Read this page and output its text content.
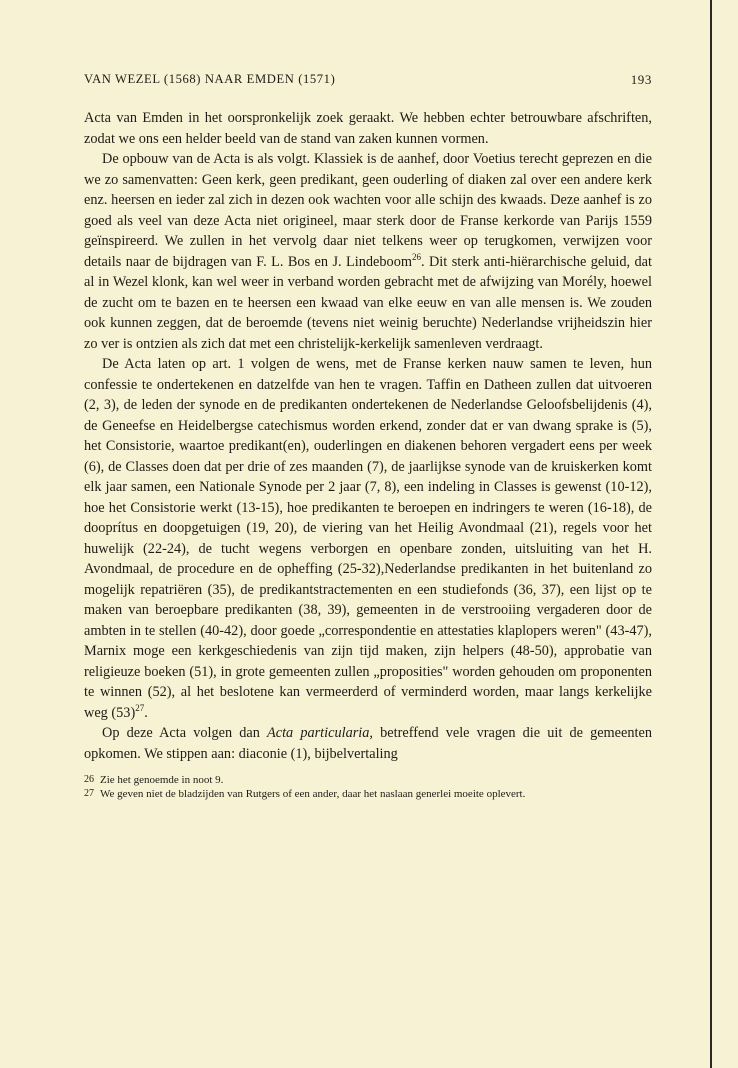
VAN WEZEL (1568) NAAR EMDEN (1571)	193

Acta van Emden in het oorspronkelijk zoek geraakt. We hebben echter betrouwbare afschriften, zodat we ons een helder beeld van de stand van zaken kunnen vormen.

De opbouw van de Acta is als volgt. Klassiek is de aanhef, door Voetius terecht geprezen en die we zo samenvatten: Geen kerk, geen predikant, geen ouderling of diaken zal over een andere kerk enz. heersen en ieder zal zich in dezen ook wachten voor alle schijn des kwaads. Deze aanhef is zo goed als veel van deze Acta niet origineel, maar sterk door de Franse kerkorde van Parijs 1559 geïnspireerd. We zullen in het vervolg daar niet telkens weer op terugkomen, verwijzen voor details naar de bijdragen van F. L. Bos en J. Lindeboom$^{26}$. Dit sterk anti-hiërarchische geluid, dat al in Wezel klonk, kan wel weer in verband worden gebracht met de afwijzing van Morély, hoewel de zucht om te bazen en te heersen een kwaad van elke eeuw en van alle mensen is. We zouden ook kunnen zeggen, dat de beroemde (tevens niet weinig beruchte) Nederlandse vrijheidszin hier zo ver is ontzien als zich dat met een christelijk-kerkelijk samenleven verdraagt.

De Acta laten op art. 1 volgen de wens, met de Franse kerken nauw samen te leven, hun confessie te ondertekenen en datzelfde van hen te vragen. Taffin en Datheen zullen dat uitvoeren (2, 3), de leden der synode en de predikanten ondertekenen de Nederlandse Geloofsbelijdenis (4), de Geneefse en Heidelbergse catechismus worden erkend, zonder dat er van dwang sprake is (5), het Consistorie, waartoe predikant(en), ouderlingen en diakenen behoren vergadert eens per week (6), de Classes doen dat per drie of zes maanden (7), de jaarlijkse synode van de kruiskerken komt elk jaar samen, een Nationale Synode per 2 jaar (7, 8), een indeling in Classes is gewenst (10-12), hoe het Consistorie werkt (13-15), hoe predikanten te beroepen en indringers te weren (16-18), de dooprítus en doopgetuigen (19, 20), de viering van het Heilig Avondmaal (21), regels voor het huwelijk (22-24), de tucht wegens verborgen en openbare zonden, uitsluiting van het H. Avondmaal, de procedure en de opheffing (25-32),Nederlandse predikanten in het buitenland zo mogelijk repatriëren (35), de predikantstractementen en een studiefonds (36, 37), een lijst op te maken van beroepbare predikanten (38, 39), gemeenten in de verstrooiing vergaderen door de ambten in te stellen (40-42), door goede „correspondentie en attestaties klaplopers weren" (43-47), Marnix moge een kerkgeschiedenis van zijn tijd maken, zijn helpers (48-50), approbatie van religieuze boeken (51), in grote gemeenten zullen „proposities" worden gehouden om proponenten te winnen (52), al het beslotene kan vermeerderd of verminderd worden, maar langs kerkelijke weg $(53)^{27}$.

Op deze Acta volgen dan Acta particularia, betreffend vele vragen die uit de gemeenten opkomen. We stippen aan: diaconie (1), bijbelvertaling

26 Zie het genoemde in noot 9.
27 We geven niet de bladzijden van Rutgers of een ander, daar het naslaan generlei moeite oplevert.
